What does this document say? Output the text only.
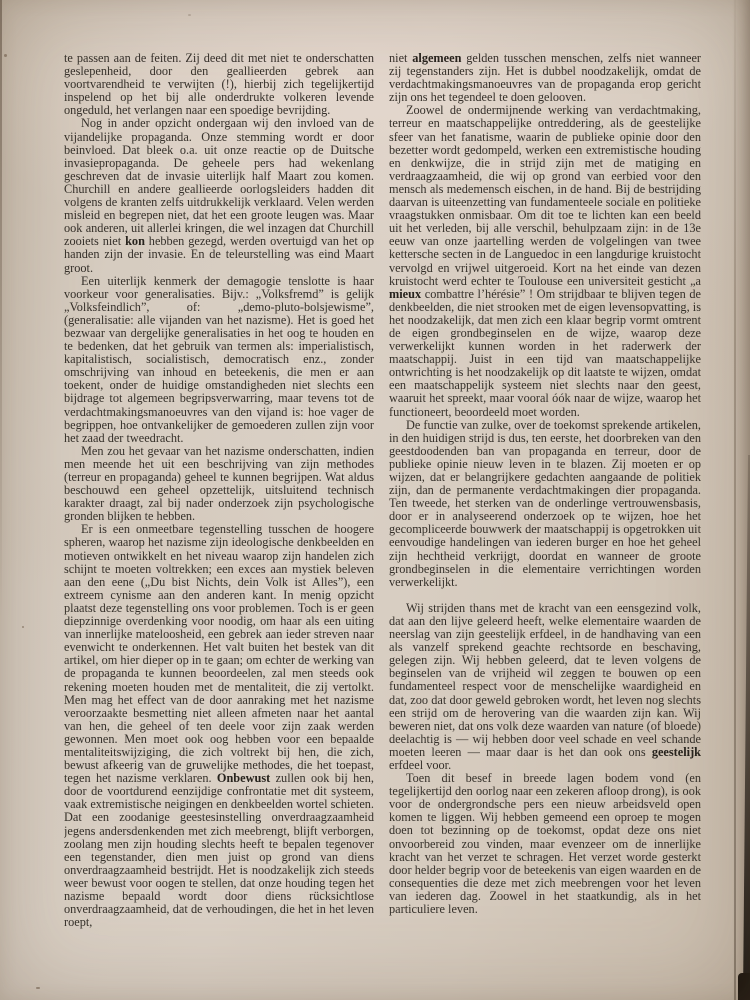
te passen aan de feiten. Zij deed dit met niet te onderschatten geslepenheid, door den geallieerden gebrek aan voortvarendheid te verwijten (!), hierbij zich tegelijkertijd inspelend op het bij alle onderdrukte volkeren levende ongeduld, het verlangen naar een spoedige bevrijding.

Nog in ander opzicht ondergaan wij den invloed van de vijandelijke propaganda. Onze stemming wordt er door beinvloed. Dat bleek o.a. uit onze reactie op de Duitsche invasiepropaganda. De geheele pers had wekenlang geschreven dat de invasie uiterlijk half Maart zou komen. Churchill en andere geallieerde oorlogsleiders hadden dit volgens de kranten zelfs uitdrukkelijk verklaard. Velen werden misleid en begrepen niet, dat het een groote leugen was. Maar ook anderen, uit allerlei kringen, die wel inzagen dat Churchill zooiets niet kon hebben gezegd, werden overtuigd van het op handen zijn der invasie. En de teleurstelling was eind Maart groot.

Een uiterlijk kenmerk der demagogie tenslotte is haar voorkeur voor generalisaties. Bijv.: „Volksfremd” is gelijk „Volksfeindlich”, of: „demo-pluto-bolsjewisme”, (generalisatie: alle vijanden van het nazisme). Het is goed het bezwaar van dergelijke generalisaties in het oog te houden en te bedenken, dat het gebruik van termen als: imperialistisch, kapitalistisch, socialistisch, democratisch enz., zonder omschrijving van inhoud en beteekenis, die men er aan toekent, onder de huidige omstandigheden niet slechts een bijdrage tot algemeen begripsverwarring, maar tevens tot de verdachtmakingsmanoeuvres van den vijand is: hoe vager de begrippen, hoe ontvankelijker de gemoederen zullen zijn voor het zaad der tweedracht.

Men zou het gevaar van het nazisme onderschatten, indien men meende het uit een beschrijving van zijn methodes (terreur en propaganda) geheel te kunnen begrijpen. Wat aldus beschouwd een geheel opzettelijk, uitsluitend technisch karakter draagt, zal bij nader onderzoek zijn psychologische gronden blijken te hebben.

Er is een onmeetbare tegenstelling tusschen de hoogere spheren, waarop het nazisme zijn ideologische denkbeelden en motieven ontwikkelt en het niveau waarop zijn handelen zich schijnt te moeten voltrekken; een exces aan mystiek beleven aan den eene („Du bist Nichts, dein Volk ist Alles”), een extreem cynisme aan den anderen kant. In menig opzicht plaatst deze tegenstelling ons voor problemen. Toch is er geen diepzinnige overdenking voor noodig, om haar als een uiting van innerlijke mateloosheid, een gebrek aan ieder streven naar evenwicht te onderkennen. Het valt buiten het bestek van dit artikel, om hier dieper op in te gaan; om echter de werking van de propaganda te kunnen beoordeelen, zal men steeds ook rekening moeten houden met de mentaliteit, die zij vertolkt. Men mag het effect van de door aanraking met het nazisme veroorzaakte besmetting niet alleen afmeten naar het aantal van hen, die geheel of ten deele voor zijn zaak werden gewonnen. Men moet ook oog hebben voor een bepaalde mentaliteitswijziging, die zich voltrekt bij hen, die zich, bewust afkeerig van de gruwelijke methodes, die het toepast, tegen het nazisme verklaren. Onbewust zullen ook bij hen, door de voortdurend eenzijdige confrontatie met dit systeem, vaak extremistische neigingen en denkbeelden wortel schieten. Dat een zoodanige geestesinstelling onverdraagzaamheid jegens andersdenkenden met zich meebrengt, blijft verborgen, zoolang men zijn houding slechts heeft te bepalen tegenover een tegenstander, dien men juist op grond van diens onverdraagzaamheid bestrijdt. Het is noodzakelijk zich steeds weer bewust voor oogen te stellen, dat onze houding tegen het nazisme bepaald wordt door diens rücksichtlose onverdraagzaamheid, dat de verhoudingen, die het in het leven roept,

niet algemeen gelden tusschen menschen, zelfs niet wanneer zij tegenstanders zijn. Het is dubbel noodzakelijk, omdat de verdachtmakingsmanoeuvres van de propaganda erop gericht zijn ons het tegendeel te doen gelooven.

Zoowel de ondermijnende werking van verdachtmaking, terreur en maatschappelijke ontreddering, als de geestelijke sfeer van het fanatisme, waarin de publieke opinie door den bezetter wordt gedompeld, werken een extremistische houding en denkwijze, die in strijd zijn met de matiging en verdraagzaamheid, die wij op grond van eerbied voor den mensch als medemensch eischen, in de hand. Bij de bestrijding daarvan is uiteenzetting van fundamenteele sociale en politieke vraagstukken onmisbaar. Om dit toe te lichten kan een beeld uit het verleden, bij alle verschil, behulpzaam zijn: in de 13e eeuw van onze jaartelling werden de volgelingen van twee kettersche secten in de Languedoc in een langdurige kruistocht vervolgd en vrijwel uitgeroeid. Kort na het einde van dezen kruistocht werd echter te Toulouse een universiteit gesticht „a mieux combattre l’hérésie” ! Om strijdbaar te blijven tegen de denkbeelden, die niet strooken met de eigen levensopvatting, is het noodzakelijk, dat men zich een klaar begrip vormt omtrent de eigen grondbeginselen en de wijze, waarop deze verwerkelijkt kunnen worden in het raderwerk der maatschappij. Juist in een tijd van maatschappelijke ontwrichting is het noodzakelijk op dit laatste te wijzen, omdat een maatschappelijk systeem niet slechts naar den geest, waaruit het spreekt, maar vooral óók naar de wijze, waarop het functioneert, beoordeeld moet worden.

De functie van zulke, over de toekomst sprekende artikelen, in den huidigen strijd is dus, ten eerste, het doorbreken van den geestdoodenden ban van propaganda en terreur, door de publieke opinie nieuw leven in te blazen. Zij moeten er op wijzen, dat er belangrijkere gedachten aangaande de politiek zijn, dan de permanente verdachtmakingen dier propaganda. Ten tweede, het sterken van de onderlinge vertrouwensbasis, door er in analyseerend onderzoek op te wijzen, hoe het gecompliceerde bouwwerk der maatschappij is opgetrokken uit eenvoudige handelingen van iederen burger en hoe het geheel zijn hechtheid verkrijgt, doordat en wanneer de groote grondbeginselen in die elementaire verrichtingen worden verwerkelijkt.

Wij strijden thans met de kracht van een eensgezind volk, dat aan den lijve geleerd heeft, welke elementaire waarden de neerslag van zijn geestelijk erfdeel, in de handhaving van een als vanzelf sprekend geachte rechtsorde en beschaving, gelegen zijn. Wij hebben geleerd, dat te leven volgens de beginselen van de vrijheid wil zeggen te bouwen op een fundamenteel respect voor de menschelijke waardigheid en dat, zoo dat door geweld gebroken wordt, het leven nog slechts een strijd om de herovering van die waarden zijn kan. Wij beweren niet, dat ons volk deze waarden van nature (of bloede) deelachtig is — wij hebben door veel schade en veel schande moeten leeren — maar daar is het dan ook ons geestelijk erfdeel voor.

Toen dit besef in breede lagen bodem vond (en tegelijkertijd den oorlog naar een zekeren afloop drong), is ook voor de ondergrondsche pers een nieuw arbeidsveld open komen te liggen. Wij hebben gemeend een oproep te mogen doen tot bezinning op de toekomst, opdat deze ons niet onvoorbereid zou vinden, maar evenzeer om de innerlijke kracht van het verzet te schragen. Het verzet worde gesterkt door helder begrip voor de beteekenis van eigen waarden en de consequenties die deze met zich meebrengen voor het leven van iederen dag. Zoowel in het staatkundig, als in het particuliere leven.
